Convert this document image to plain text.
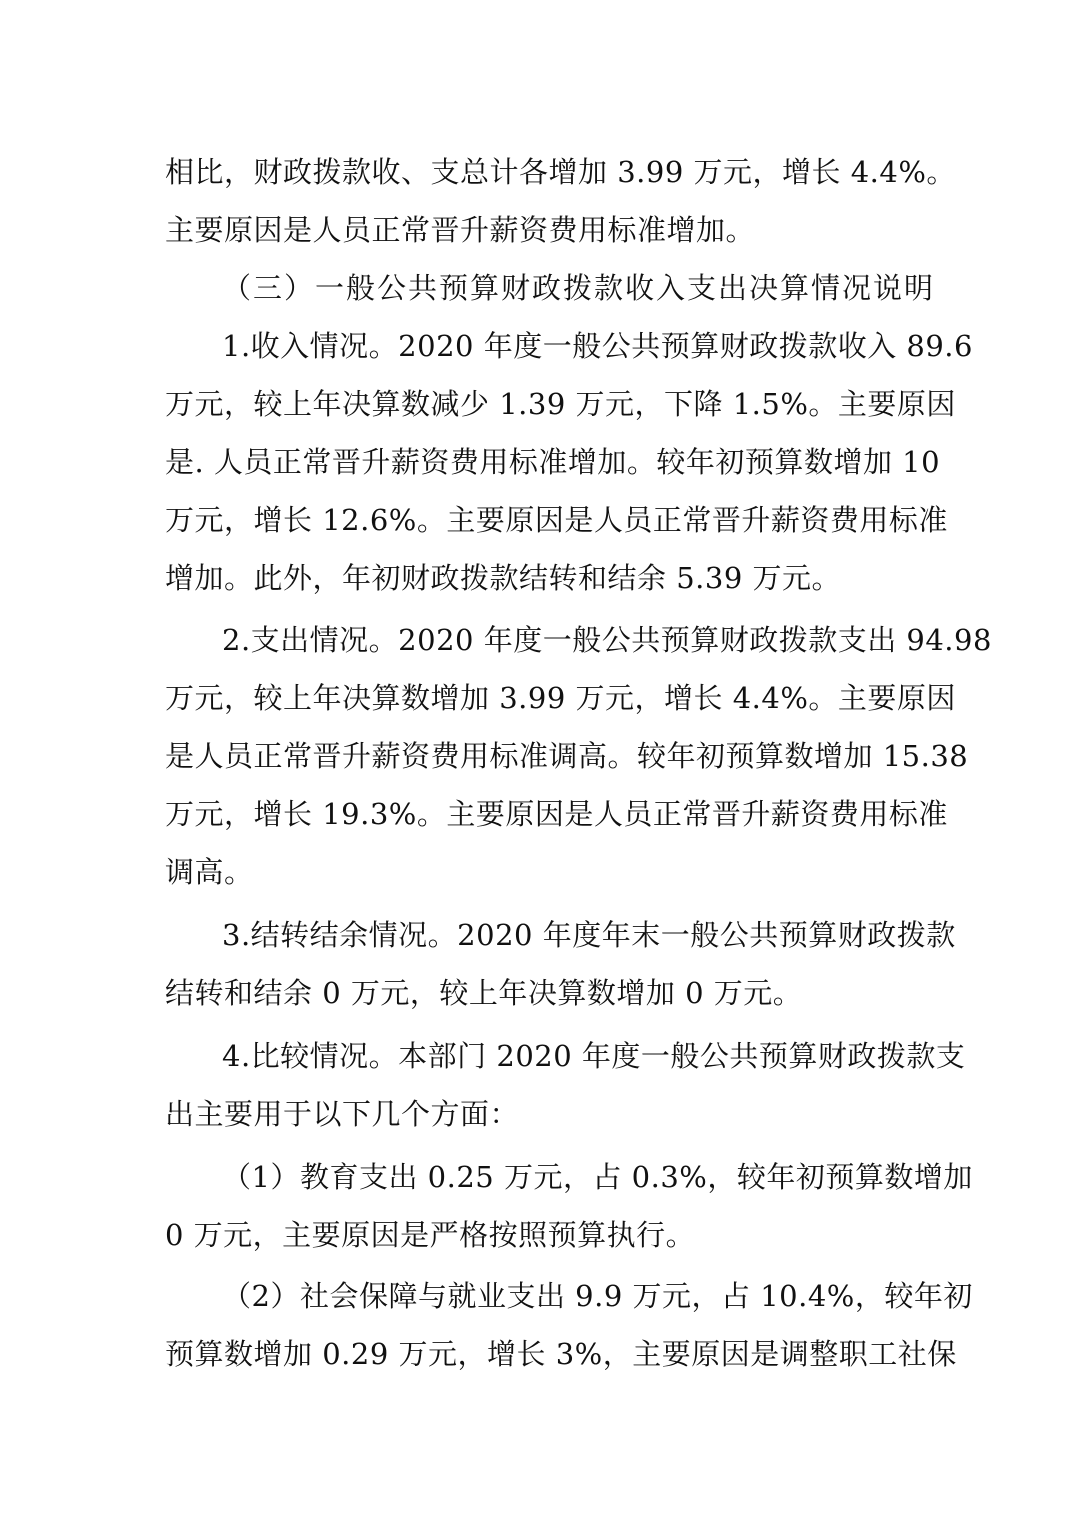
相比，财政拨款收、支总计各增加 3.99 万元，增长 4.4%。
主要原因是人员正常晋升薪资费用标准增加。
（三）一般公共预算财政拨款收入支出决算情况说明
1.收入情况。2020 年度一般公共预算财政拨款收入 89.6
万元，较上年决算数减少 1.39 万元，下降 1.5%。主要原因
是. 人员正常晋升薪资费用标准增加。较年初预算数增加 10
万元，增长 12.6%。主要原因是人员正常晋升薪资费用标准
增加。此外，年初财政拨款结转和结余 5.39 万元。
2.支出情况。2020 年度一般公共预算财政拨款支出 94.98
万元，较上年决算数增加 3.99 万元，增长 4.4%。主要原因
是人员正常晋升薪资费用标准调高。较年初预算数增加 15.38
万元，增长 19.3%。主要原因是人员正常晋升薪资费用标准
调高。
3.结转结余情况。2020 年度年末一般公共预算财政拨款
结转和结余 0 万元，较上年决算数增加 0 万元。
4.比较情况。本部门 2020 年度一般公共预算财政拨款支
出主要用于以下几个方面：
（1）教育支出 0.25 万元，占 0.3%，较年初预算数增加
0 万元，主要原因是严格按照预算执行。
（2）社会保障与就业支出 9.9 万元，占 10.4%，较年初
预算数增加 0.29 万元，增长 3%，主要原因是调整职工社保
